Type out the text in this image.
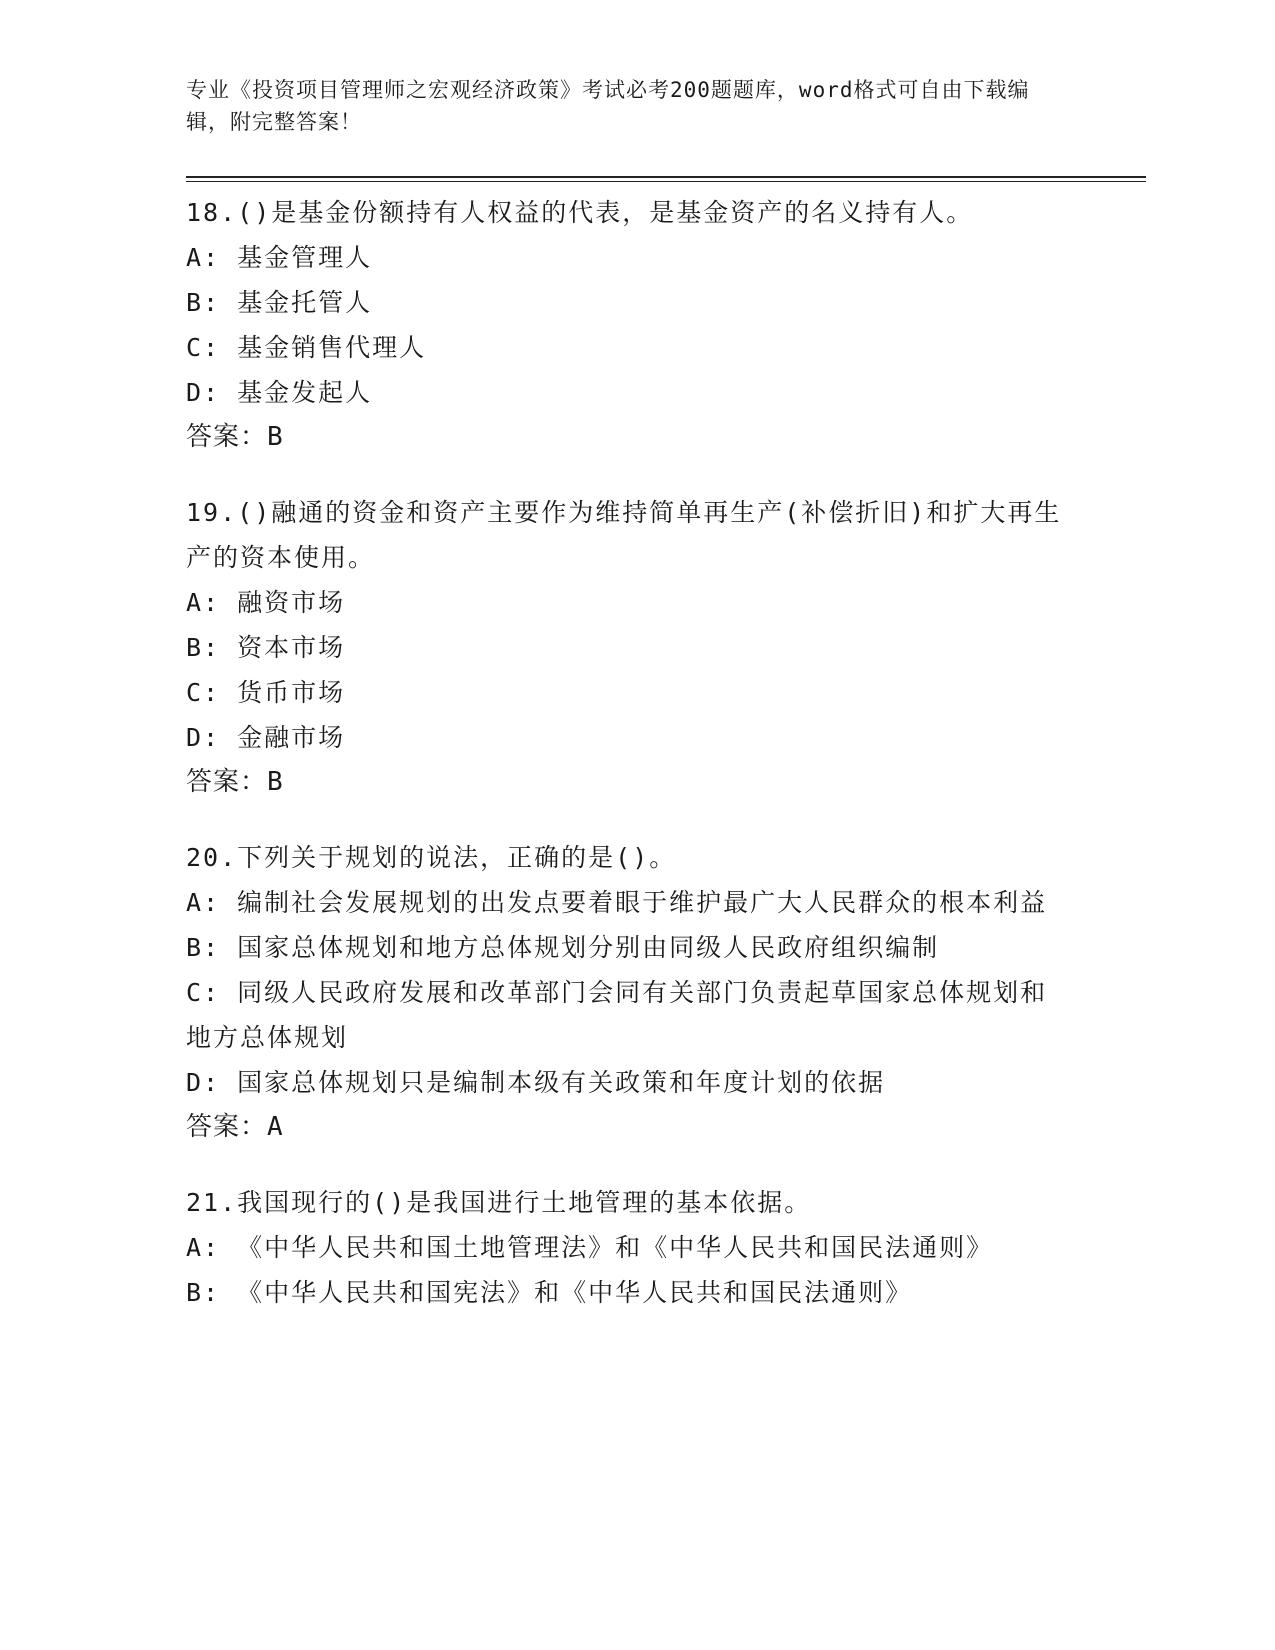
专业《投资项目管理师之宏观经济政策》考试必考200题题库，word格式可自由下载编辑，附完整答案！

18.()是基金份额持有人权益的代表，是基金资产的名义持有人。

A: 基金管理人

B: 基金托管人

C: 基金销售代理人

D: 基金发起人

答案：B

19.()融通的资金和资产主要作为维持简单再生产(补偿折旧)和扩大再生产的资本使用。

A: 融资市场

B: 资本市场

C: 货币市场

D: 金融市场

答案：B

20.下列关于规划的说法，正确的是()。

A: 编制社会发展规划的出发点要着眼于维护最广大人民群众的根本利益

B: 国家总体规划和地方总体规划分别由同级人民政府组织编制

C: 同级人民政府发展和改革部门会同有关部门负责起草国家总体规划和地方总体规划

D: 国家总体规划只是编制本级有关政策和年度计划的依据

答案：A

21.我国现行的()是我国进行土地管理的基本依据。

A: 《中华人民共和国土地管理法》和《中华人民共和国民法通则》

B: 《中华人民共和国宪法》和《中华人民共和国民法通则》
